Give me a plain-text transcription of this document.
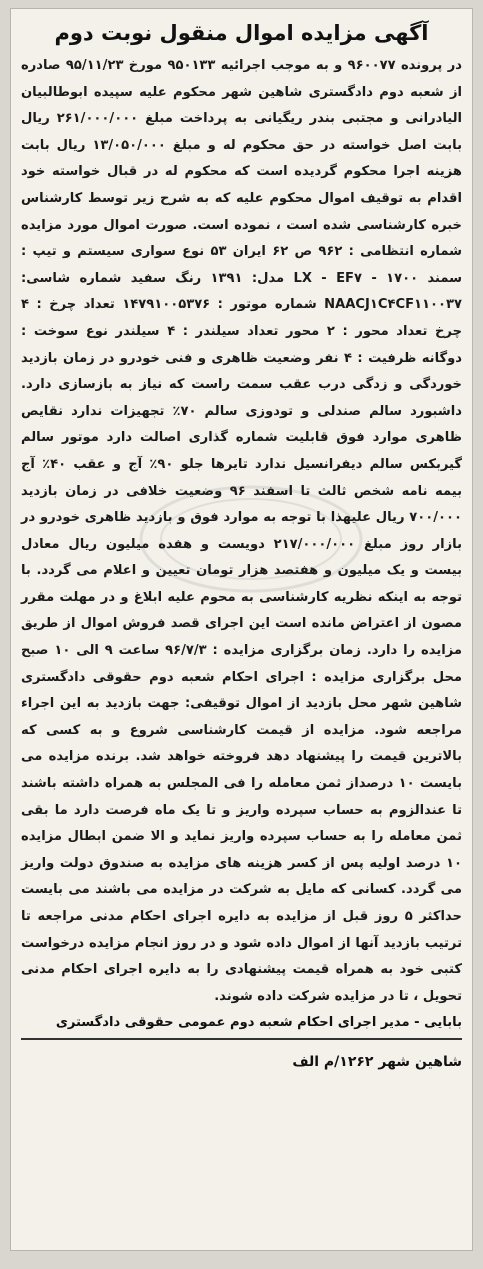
آگهی مزایده اموال منقول نوبت دوم

در پرونده ۹۶۰۰۷۷ و به موجب اجرائیه ۹۵۰۱۳۳ مورخ ۹۵/۱۱/۲۳ صادره از شعبه دوم دادگستری شاهین شهر محکوم علیه سپیده ابوطالبیان الیادرانی و مجتبی بندر ریگیانی به پرداخت مبلغ ۲۶۱/۰۰۰/۰۰۰ ریال بابت اصل خواسته در حق محکوم له و مبلغ ۱۳/۰۵۰/۰۰۰ ریال بابت هزینه اجرا محکوم گردیده است که محکوم له در قبال خواسته خود اقدام به توقیف اموال محکوم علیه که به شرح زیر توسط کارشناس خبره کارشناسی شده است ، نموده است. صورت اموال مورد مزایده شماره انتظامی : ۹۶۲ ص ۶۲ ایران ۵۳ نوع سواری سیستم و تیپ : سمند LX - EF۷ - ۱۷۰۰ مدل: ۱۳۹۱ رنگ سفید شماره شاسی: NAACJ۱C۴CF۱۱۰۰۳۷ شماره موتور : ۱۴۷۹۱۰۰۵۳۷۶ تعداد چرخ : ۴ چرخ تعداد محور : ۲ محور تعداد سیلندر : ۴ سیلندر نوع سوخت : دوگانه ظرفیت : ۴ نفر وضعیت ظاهری و فنی خودرو در زمان بازدید خوردگی و زدگی درب عقب سمت راست که نیاز به بازسازی دارد. داشبورد سالم صندلی و تودوزی سالم ۷۰٪ تجهیزات ندارد نقایص ظاهری موارد فوق قابلیت شماره گذاری اصالت دارد موتور سالم گیربکس سالم دیفرانسیل ندارد تایرها جلو ۹۰٪ آج و عقب ۴۰٪ آج بیمه نامه شخص ثالث تا اسفند ۹۶ وضعیت خلافی در زمان بازدید ۷۰۰/۰۰۰ ریال علیهذا با توجه به موارد فوق و بازدید ظاهری خودرو در بازار روز مبلغ ۲۱۷/۰۰۰/۰۰۰ دویست و هفده میلیون ریال معادل بیست و یک میلیون و هفتصد هزار تومان تعیین و اعلام می گردد. با توجه به اینکه نظریه کارشناسی به محوم علیه ابلاغ و در مهلت مقرر مصون از اعتراض مانده است این اجرای قصد فروش اموال از طریق مزایده را دارد. زمان برگزاری مزایده : ۹۶/۷/۳ ساعت ۹ الی ۱۰ صبح محل برگزاری مزایده : اجرای احکام شعبه دوم حقوقی دادگستری شاهین شهر محل بازدید از اموال توقیفی: جهت بازدید به این اجراء مراجعه شود. مزایده از قیمت کارشناسی شروع و به کسی که بالاترین قیمت را پیشنهاد دهد فروخته خواهد شد. برنده مزایده می بایست ۱۰ درصداز ثمن معامله را فی المجلس به همراه داشته باشند تا عندالزوم به حساب سپرده واریز و تا یک ماه فرصت دارد ما بقی ثمن معامله را به حساب سپرده واریز نماید و الا ضمن ابطال مزایده ۱۰ درصد اولیه پس از کسر هزینه های مزایده به صندوق دولت واریز می گردد. کسانی که مایل به شرکت در مزایده می باشند می بایست حداکثر ۵ روز قبل از مزایده به دایره اجرای احکام مدنی مراجعه تا ترتیب بازدید آنها از اموال داده شود و در روز انجام مزایده درخواست کتبی خود به همراه قیمت پیشنهادی را به دایره اجرای احکام مدنی تحویل ، تا در مزایده شرکت داده شوند.

بابایی - مدیر اجرای احکام شعبه دوم عمومی حقوقی دادگستری
شاهین شهر ۱۲۶۲/م الف
